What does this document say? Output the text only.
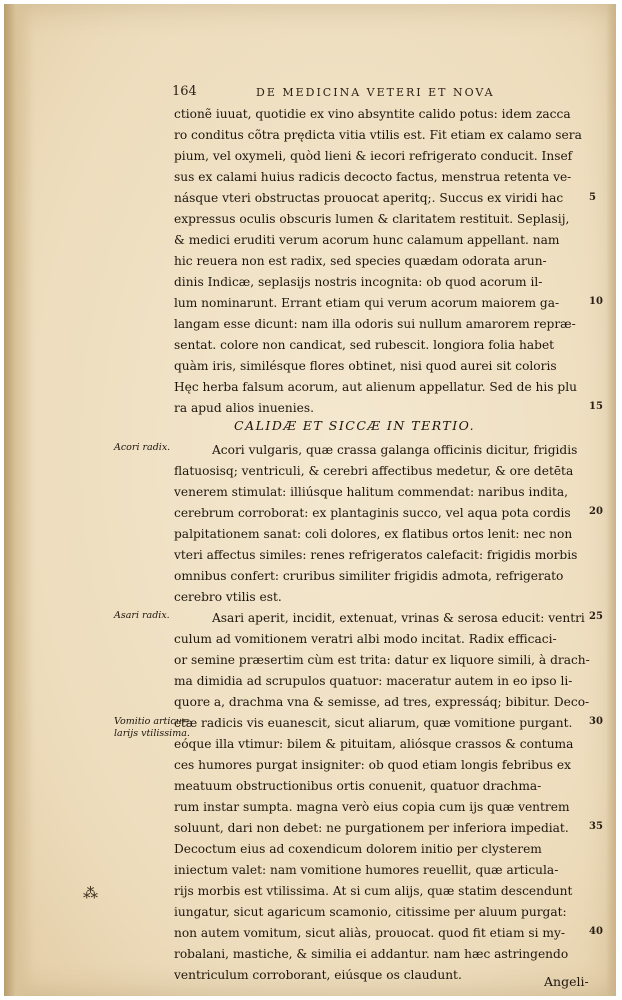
164	DE MEDICINA VETERI ET NOVA
ctionẽ iuuat, quotidie ex vino absyntite calido potus: idem zacca
ro conditus cõtra prędicta vitia vtilis est. Fit etiam ex calamo sera
pium, vel oxymeli, quòd lieni & iecori refrigerato conducit. Insef
sus ex calami huius radicis decocto factus, menstrua retenta ve-
násque vteri obstructas prouocat aperitq;. Succus ex viridi hac
expressus oculis obscuris lumen & claritatem restituit. Seplasij,
& medici eruditi verum acorum hunc calamum appellant. nam
hic reuera non est radix, sed species quædam odorata arun-
dinis Indicæ, seplasijs nostris incognita: ob quod acorum il-
lum nominarunt. Errant etiam qui verum acorum maiorem ga-
langam esse dicunt: nam illa odoris sui nullum amarorem repræ-
sentat. colore non candicat, sed rubescit. longiora folia habet
quàm iris, similésque flores obtinet, nisi quod aurei sit coloris
Hęc herba falsum acorum, aut alienum appellatur. Sed de his plu
ra apud alios inuenies.
CALIDÆ ET SICCÆ IN TERTIO.
Acori vulgaris, quæ crassa galanga officinis dicitur, frigidis
flatuosisq; ventriculi, & cerebri affectibus medetur, & ore detēta
venerem stimulat: illiúsque halitum commendat: naribus indita,
cerebrum corroborat: ex plantaginis succo, vel aqua pota cordis
palpitationem sanat: coli dolores, ex flatibus ortos lenit: nec non
vteri affectus similes: renes refrigeratos calefacit: frigidis morbis
omnibus confert: cruribus similiter frigidis admota, refrigerato
cerebro vtilis est.
Asari aperit, incidit, extenuat, vrinas & serosa educit: ventri
culum ad vomitionem veratri albi modo incitat. Radix efficaci-
or semine præsertim cùm est trita: datur ex liquore simili, à drach-
ma dimidia ad scrupulos quatuor: maceratur autem in eo ipso li-
quore a, drachma vna & semisse, ad tres, expressáq; bibitur. Deco-
ctæ radicis vis euanescit, sicut aliarum, quæ vomitione purgant.
eóque illa vtimur: bilem & pituitam, aliósque crassos & contuma
ces humores purgat insigniter: ob quod etiam longis febribus ex
meatuum obstructionibus ortis conuenit, quatuor drachma-
rum instar sumpta. magna verò eius copia cum ijs quæ ventrem
soluunt, dari non debet: ne purgationem per inferiora impediat.
Decoctum eius ad coxendicum dolorem initio per clysterem
iniectum valet: nam vomitione humores reuellit, quæ articula-
rijs morbis est vtilissima. At si cum alijs, quæ statim descendunt
iungatur, sicut agaricum scamonio, citissime per aluum purgat:
non autem vomitum, sicut aliàs, prouocat. quod fit etiam si my-
robalani, mastiche, & similia ei addantur. nam hæc astringendo
ventriculum corroborant, eiúsque os claudunt.	Angeli-
5
10
15
20
25
30
35
40
Acori radix.
Asari radix.
Vomitio articu=
larijs vtilissima.
⁂
